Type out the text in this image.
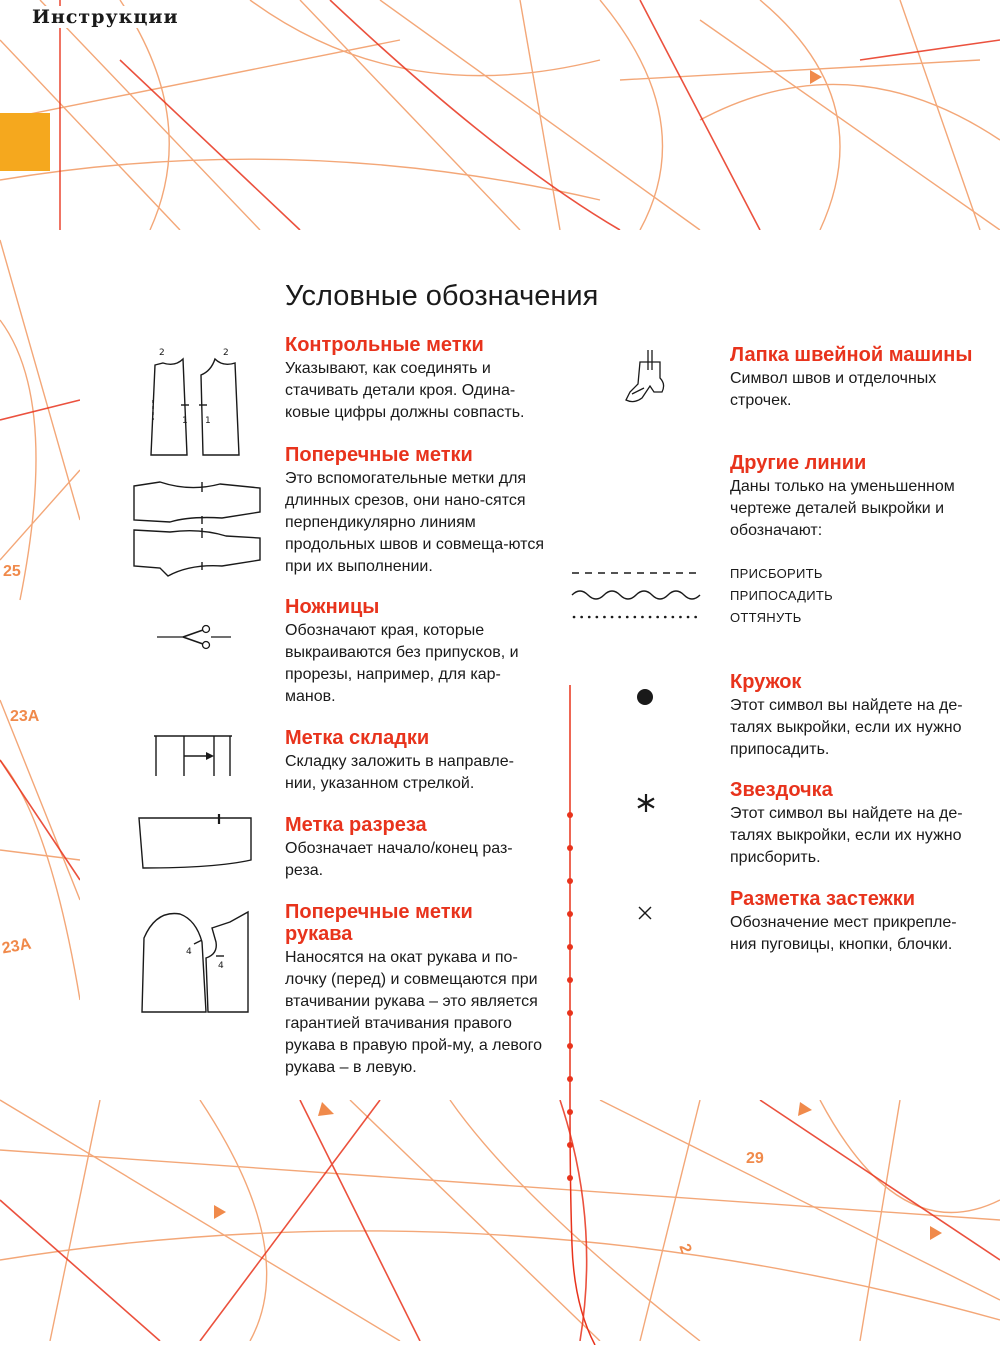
Инструкции
25
23A
23A
29
2
Условные обозначения
2	2
1 1
4
4
Контрольные метки

Указывают, как соединять и стачивать детали кроя. Одина-ковые цифры должны совпасть.

Поперечные метки

Это вспомогательные метки для длинных срезов, они нано-сятся перпендикулярно линиям продольных швов и совмеща-ются при их выполнении.

Ножницы

Обозначают края, которые выкраиваются без припусков, и прорезы, например, для кар-манов.

Метка складки

Складку заложить в направле-нии, указанном стрелкой.

Метка разреза

Обозначает начало/конец раз-реза.

Поперечные метки рукава

Наносятся на окат рукава и по-лочку (перед) и совмещаются при втачивании рукава – это является гарантией втачивания правого рукава в правую прой-му, а левого рукава – в левую.

Лапка швейной машины

Символ швов и отделочных строчек.

Другие линии

Даны только на уменьшенном чертеже деталей выкройки и обозначают:

ПРИСБОРИТЬ
ПРИПОСАДИТЬ
ОТТЯНУТЬ
Кружок

Этот символ вы найдете на де-талях выкройки, если их нужно припосадить.

Звездочка

Этот символ вы найдете на де-талях выкройки, если их нужно присборить.

Разметка застежки

Обозначение мест прикрепле-ния пуговицы, кнопки, блочки.
